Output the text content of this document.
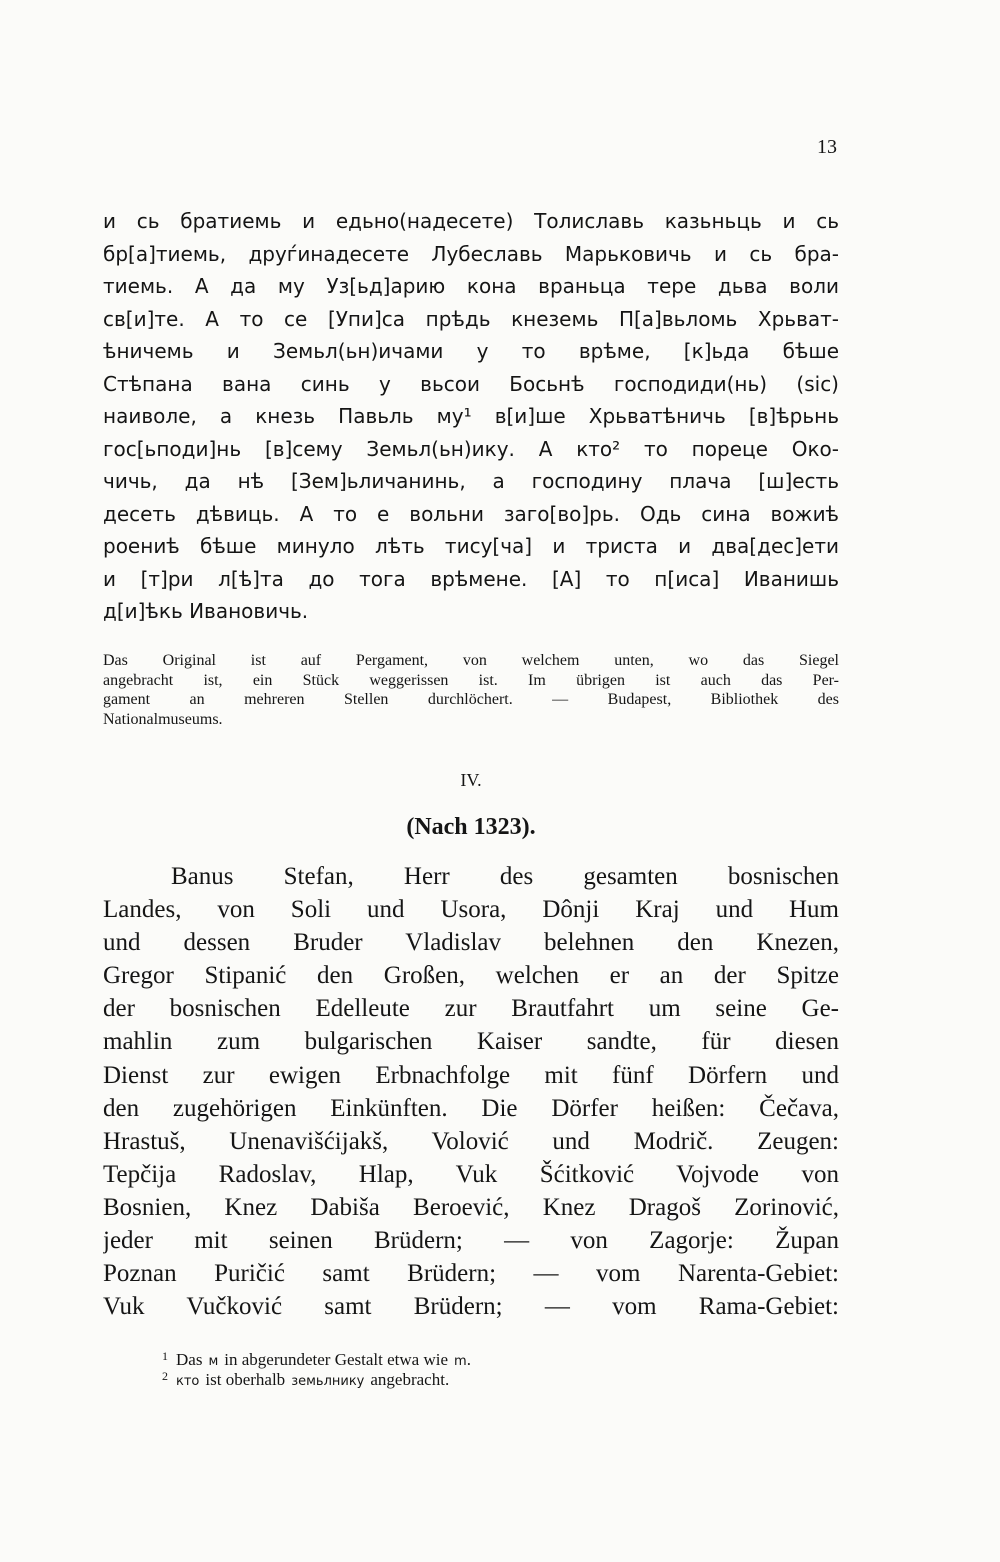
13
и сь братиемь и едьно(надесете) Толиславь казьньць и сь
бр[а]тиемь, друѓинадесете Лубеславь Марьковичь и сь бра-
тиемь. А да му Уз[ьд]арию кона враньца тере дьва воли
св[и]те. А то се [Упи]са прѣдь кнеземь П[а]вьломь Хрьват-
ѣничемь и Земьл(ьн)ичами у то врѣме, [к]ьда бѣше
Стѣпана вана синь у вьсои Босьнѣ господиди(нь) (sic)
наиволе, а кнезь Павьль му¹ в[и]ше Хрьватѣничь [в]ѣрьнь
гос[ьподи]нь [в]сему Земьл(ьн)ику. А кто² то пореце Око-
чичь, да нѣ [Зем]ьличанинь, а господину плача [ш]есть
десеть дѣвиць. А то е вольни заго[во]рь. Одь сина вожиѣ
роениѣ бѣше минуло лѣть тису[ча] и триста и два[дес]ети
и [т]ри л[ѣ]та до тога врѣмене. [А] то п[иса] Иванишь
д[и]ѣкь Ивановичь.
Das Original ist auf Pergament, von welchem unten, wo das Siegel
angebracht ist, ein Stück weggerissen ist. Im übrigen ist auch das Per-
gament an mehreren Stellen durchlöchert. — Budapest, Bibliothek des
Nationalmuseums.
IV.
(Nach 1323).
Banus Stefan, Herr des gesamten bosnischen
Landes, von Soli und Usora, Dônji Kraj und Hum
und dessen Bruder Vladislav belehnen den Knezen,
Gregor Stipanić den Großen, welchen er an der Spitze
der bosnischen Edelleute zur Brautfahrt um seine Ge-
mahlin zum bulgarischen Kaiser sandte, für diesen
Dienst zur ewigen Erbnachfolge mit fünf Dörfern und
den zugehörigen Einkünften. Die Dörfer heißen: Čečava,
Hrastuš, Unenavišćijakš, Volović und Modrič. Zeugen:
Tepčija Radoslav, Hlap, Vuk Šćitković Vojvode von
Bosnien, Knez Dabiša Beroević, Knez Dragoš Zorinović,
jeder mit seinen Brüdern; — von Zagorje: Župan
Poznan Puričić samt Brüdern; — vom Narenta-Gebiet:
Vuk Vučković samt Brüdern; — vom Rama-Gebiet:
1 Das м in abgerundeter Gestalt etwa wie m .
2 кто ist oberhalb земьлнику angebracht.
